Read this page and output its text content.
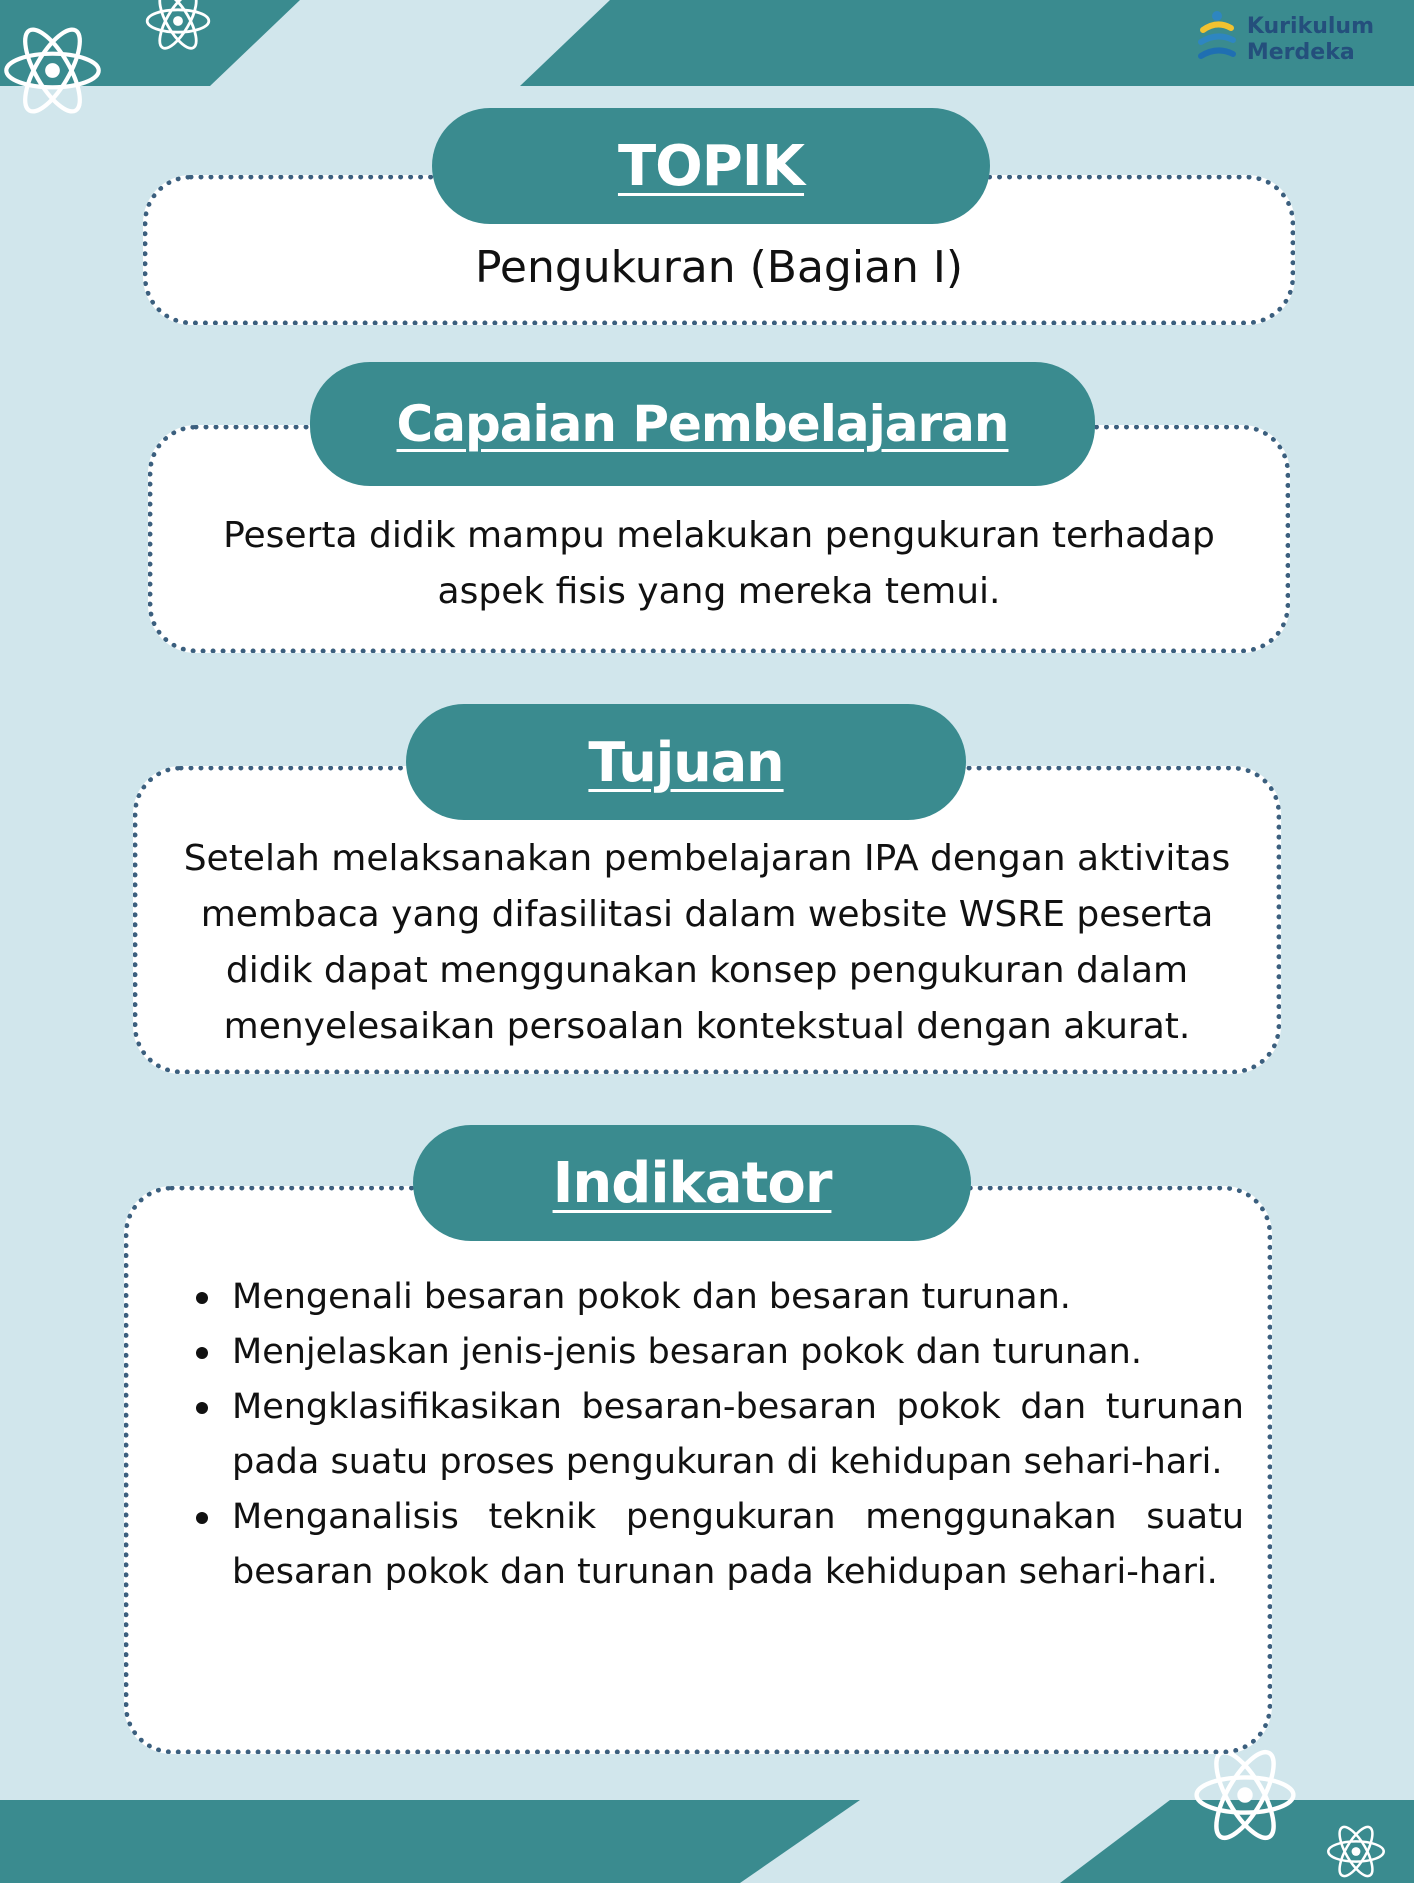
Kurikulum
Merdeka
TOPIK
Pengukuran (Bagian I)
Capaian Pembelajaran
Peserta didik mampu melakukan pengukuran terhadap
aspek fisis yang mereka temui.
Tujuan
Setelah melaksanakan pembelajaran IPA dengan aktivitas
membaca yang difasilitasi dalam website WSRE peserta
didik dapat menggunakan konsep pengukuran dalam
menyelesaikan persoalan kontekstual dengan akurat.
Indikator
Mengenali besaran pokok dan besaran turunan.
Menjelaskan jenis-jenis besaran pokok dan turunan.
Mengklasifikasikan besaran-besaran pokok dan turunan pada suatu proses pengukuran di kehidupan sehari-hari.
Menganalisis teknik pengukuran menggunakan suatu besaran pokok dan turunan pada kehidupan sehari-hari.
